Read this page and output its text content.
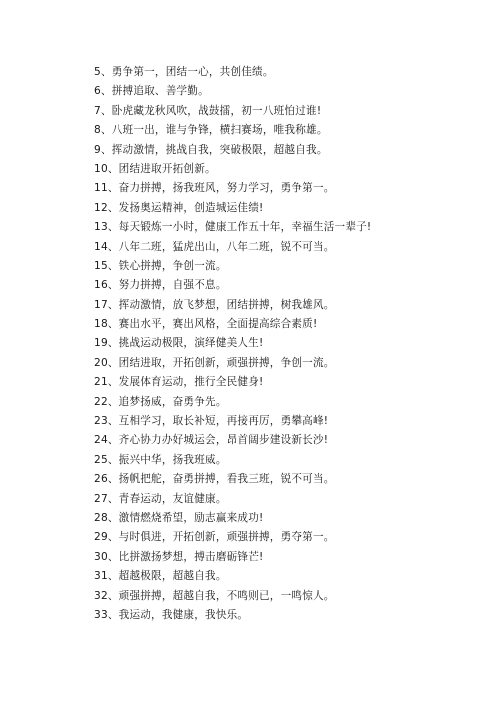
5、勇争第一，团结一心，共创佳绩。
6、拼搏追取、善学勤。
7、卧虎藏龙秋风吹，战鼓擂，初一八班怕过谁!
8、八班一出，谁与争锋，横扫赛场，唯我称雄。
9、挥动激情，挑战自我，突破极限，超越自我。
10、团结进取开拓创新。
11、奋力拼搏，扬我班风，努力学习，勇争第一。
12、发扬奥运精神，创造城运佳绩!
13、每天锻炼一小时，健康工作五十年，幸福生活一辈子!
14、八年二班，猛虎出山，八年二班，锐不可当。
15、铁心拼搏，争创一流。
16、努力拼搏，自强不息。
17、挥动激情，放飞梦想，团结拼搏，树我雄风。
18、赛出水平，赛出风格，全面提高综合素质!
19、挑战运动极限，演绎健美人生!
20、团结进取，开拓创新，顽强拼搏，争创一流。
21、发展体育运动，推行全民健身!
22、追梦扬威，奋勇争先。
23、互相学习，取长补短，再接再厉，勇攀高峰!
24、齐心协力办好城运会，昂首阔步建设新长沙!
25、振兴中华，扬我班威。
26、扬帆把舵，奋勇拼搏，看我三班，锐不可当。
27、青春运动，友谊健康。
28、激情燃烧希望，励志赢来成功!
29、与时俱进，开拓创新，顽强拼搏，勇夺第一。
30、比拼激扬梦想，搏击磨砺锋芒!
31、超越极限，超越自我。
32、顽强拼搏，超越自我，不鸣则已，一鸣惊人。
33、我运动，我健康，我快乐。
